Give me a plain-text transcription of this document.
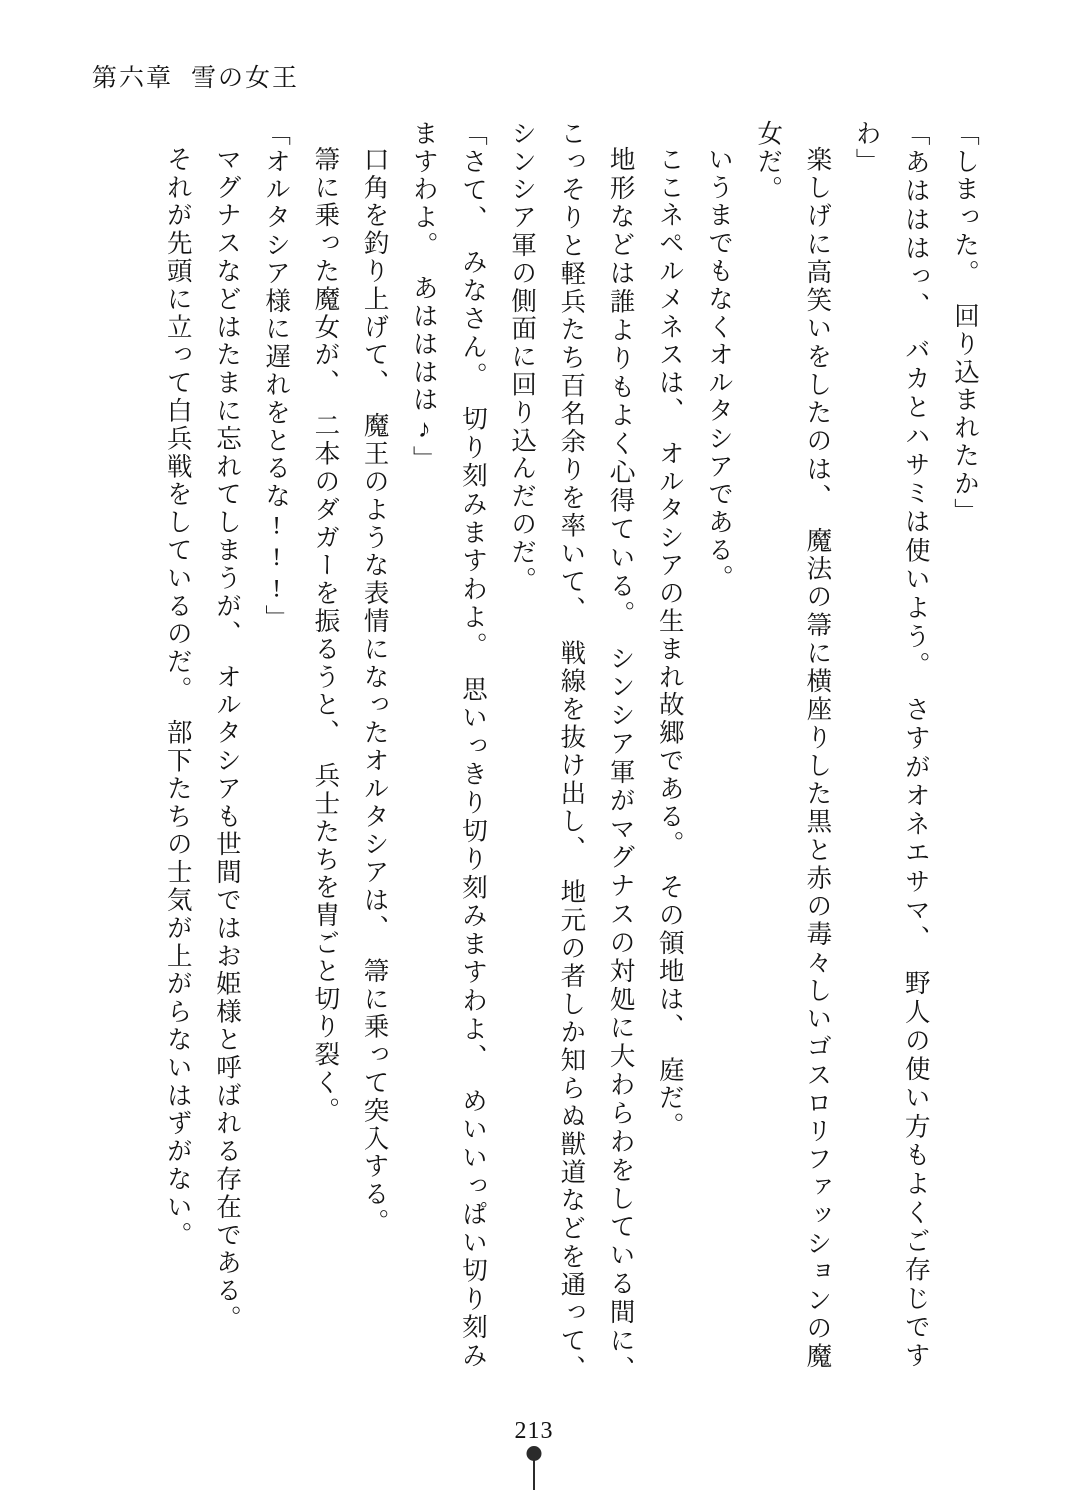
第六章 雪の女王

「しまった。　回り込まれたか」

「あはははっ、　バカとハサミは使いよう。　さすがオネエサマ、　野人の使い方もよくご存じですわ」

楽しげに高笑いをしたのは、　魔法の箒に横座りした黒と赤の毒々しいゴスロリファッションの魔女だ。

いうまでもなくオルタシアである。

ここネペルメネスは、　オルタシアの生まれ故郷である。　その領地は、　庭だ。

地形などは誰よりもよく心得ている。　シンシア軍がマグナスの対処に大わらわをしている間に、　こっそりと軽兵たち百名余りを率いて、　戦線を抜け出し、　地元の者しか知らぬ獣道などを通って、　シンシア軍の側面に回り込んだのだ。

「さて、　みなさん。　切り刻みますわよ。　思いっきり切り刻みますわよ、　めいいっぱい切り刻みますわよ。　あはははは♪」

口角を釣り上げて、　魔王のような表情になったオルタシアは、　箒に乗って突入する。

箒に乗った魔女が、　二本のダガーを振るうと、　兵士たちを胄ごと切り裂く。

「オルタシア様に遅れをとるな!!!」

マグナスなどはたまに忘れてしまうが、　オルタシアも世間ではお姫様と呼ばれる存在である。

それが先頭に立って白兵戦をしているのだ。　部下たちの士気が上がらないはずがない。

213
